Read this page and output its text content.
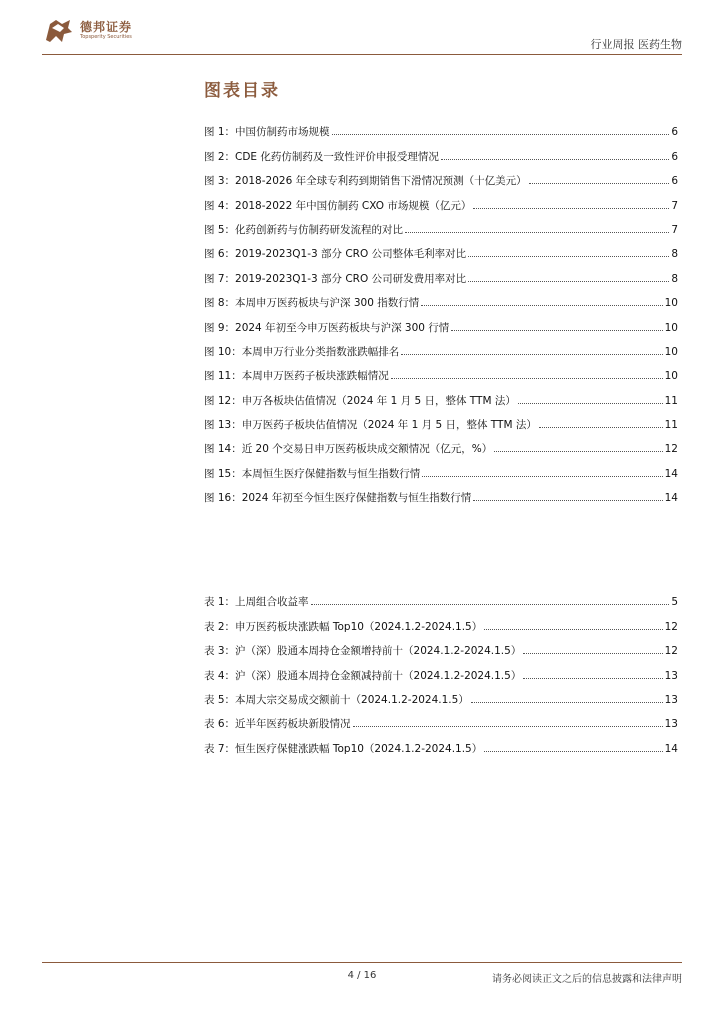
德邦证券
Topsperity Securities
行业周报 医药生物
图表目录
图 1：中国仿制药市场规模	6
图 2：CDE 化药仿制药及一致性评价申报受理情况	6
图 3：2018-2026 年全球专利药到期销售下滑情况预测（十亿美元）	6
图 4：2018-2022 年中国仿制药 CXO 市场规模（亿元）	7
图 5：化药创新药与仿制药研发流程的对比	7
图 6：2019-2023Q1-3 部分 CRO 公司整体毛利率对比	8
图 7：2019-2023Q1-3 部分 CRO 公司研发费用率对比	8
图 8：本周申万医药板块与沪深 300 指数行情	10
图 9：2024 年初至今申万医药板块与沪深 300 行情	10
图 10：本周申万行业分类指数涨跌幅排名	10
图 11：本周申万医药子板块涨跌幅情况	10
图 12：申万各板块估值情况（2024 年 1 月 5 日，整体 TTM 法）	11
图 13：申万医药子板块估值情况（2024 年 1 月 5 日，整体 TTM 法）	11
图 14：近 20 个交易日申万医药板块成交额情况（亿元，%）	12
图 15：本周恒生医疗保健指数与恒生指数行情	14
图 16：2024 年初至今恒生医疗保健指数与恒生指数行情	14
表 1：上周组合收益率	5
表 2：申万医药板块涨跌幅 Top10（2024.1.2-2024.1.5）	12
表 3：沪（深）股通本周持仓金额增持前十（2024.1.2-2024.1.5）	12
表 4：沪（深）股通本周持仓金额减持前十（2024.1.2-2024.1.5）	13
表 5：本周大宗交易成交额前十（2024.1.2-2024.1.5）	13
表 6：近半年医药板块新股情况	13
表 7：恒生医疗保健涨跌幅 Top10（2024.1.2-2024.1.5）	14
4 / 16	请务必阅读正文之后的信息披露和法律声明
